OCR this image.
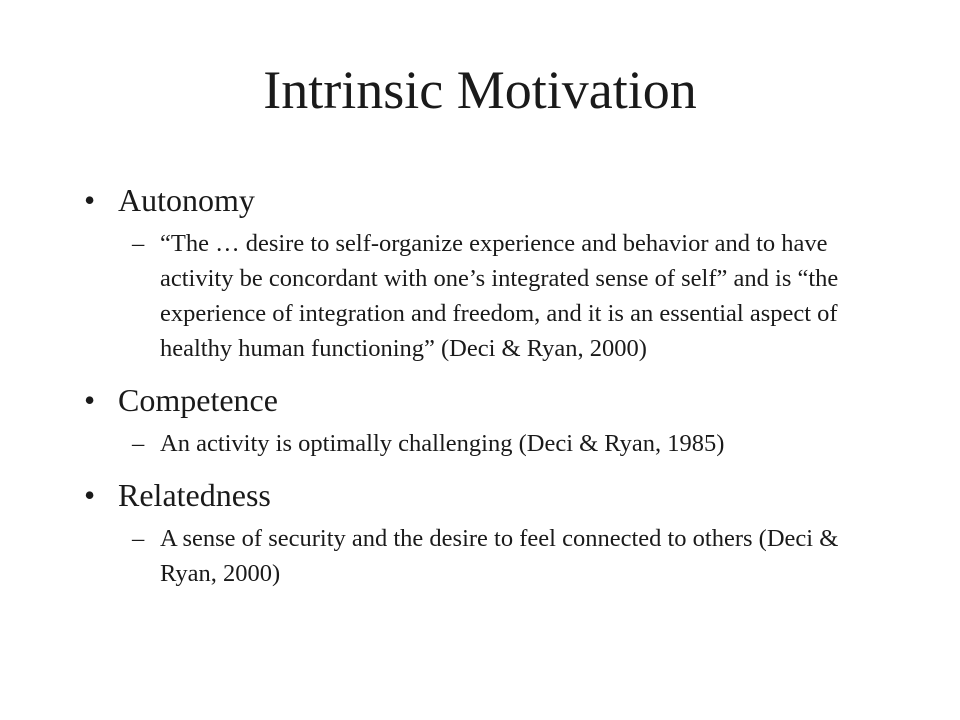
Intrinsic Motivation
• Autonomy
– “The … desire to self-organize experience and behavior and to have activity be concordant with one’s integrated sense of self” and is “the experience of integration and freedom, and it is an essential aspect of healthy human functioning” (Deci & Ryan, 2000)
• Competence
– An activity is optimally challenging (Deci & Ryan, 1985)
• Relatedness
– A sense of security and the desire to feel connected to others (Deci & Ryan, 2000)
